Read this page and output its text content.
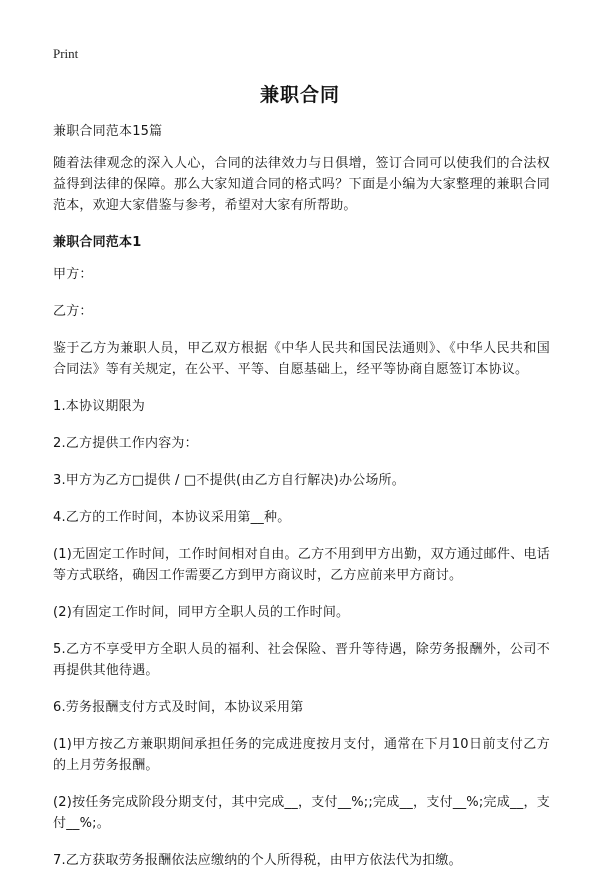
Print
兼职合同

兼职合同范本15篇

随着法律观念的深入人心，合同的法律效力与日俱增，签订合同可以使我们的合法权益得到法律的保障。那么大家知道合同的格式吗？下面是小编为大家整理的兼职合同范本，欢迎大家借鉴与参考，希望对大家有所帮助。

兼职合同范本1

甲方：

乙方：

鉴于乙方为兼职人员，甲乙双方根据《中华人民共和国民法通则》、《中华人民共和国合同法》等有关规定，在公平、平等、自愿基础上，经平等协商自愿签订本协议。

1.本协议期限为

2.乙方提供工作内容为：

3.甲方为乙方□提供 / □不提供(由乙方自行解决)办公场所。

4.乙方的工作时间，本协议采用第__种。

(1)无固定工作时间，工作时间相对自由。乙方不用到甲方出勤，双方通过邮件、电话等方式联络，确因工作需要乙方到甲方商议时，乙方应前来甲方商讨。

(2)有固定工作时间，同甲方全职人员的工作时间。

5.乙方不享受甲方全职人员的福利、社会保险、晋升等待遇，除劳务报酬外，公司不再提供其他待遇。

6.劳务报酬支付方式及时间，本协议采用第

(1)甲方按乙方兼职期间承担任务的完成进度按月支付，通常在下月10日前支付乙方的上月劳务报酬。

(2)按任务完成阶段分期支付，其中完成__，支付__%;;完成__，支付__%;完成__，支付__%;。

7.乙方获取劳务报酬依法应缴纳的个人所得税，由甲方依法代为扣缴。
